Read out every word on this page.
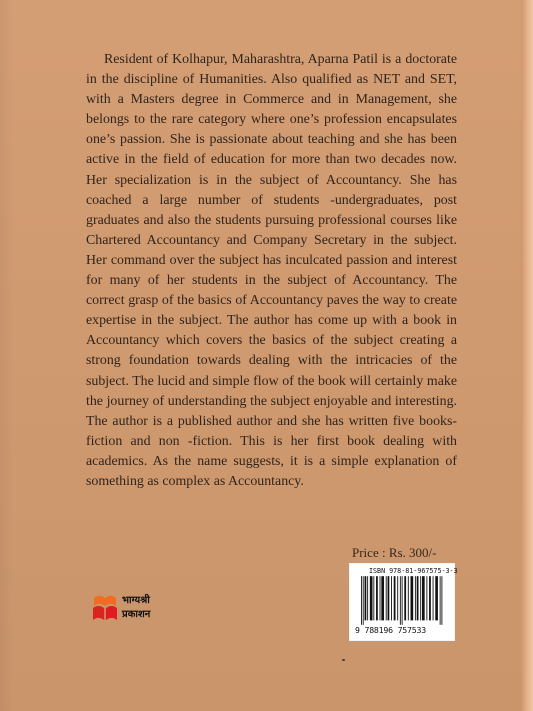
Resident of Kolhapur, Maharashtra, Aparna Patil is a doctorate in the discipline of Humanities. Also qualified as NET and SET, with a Masters degree in Commerce and in Management, she belongs to the rare category where one’s profession encapsulates one’s passion. She is passionate about teaching and she has been active in the field of education for more than two decades now. Her specialization is in the subject of Accountancy. She has coached a large number of students -undergraduates, post graduates and also the students pursuing professional courses like Chartered Accountancy and Company Secretary in the subject. Her command over the subject has inculcated passion and interest for many of her students in the subject of Accountancy. The correct grasp of the basics of Accountancy paves the way to create expertise in the subject. The author has come up with a book in Accountancy which covers the basics of the subject creating a strong foundation towards dealing with the intricacies of the subject. The lucid and simple flow of the book will certainly make the journey of understanding the subject enjoyable and interesting. The author is a published author and she has written five books- fiction and non -fiction. This is her first book dealing with academics. As the name suggests, it is a simple explanation of something as complex as Accountancy.

Price : Rs. 300/-
ISBN 978-81-967575-3-3
9 788196 757533
भाग्यश्री
प्रकाशन
